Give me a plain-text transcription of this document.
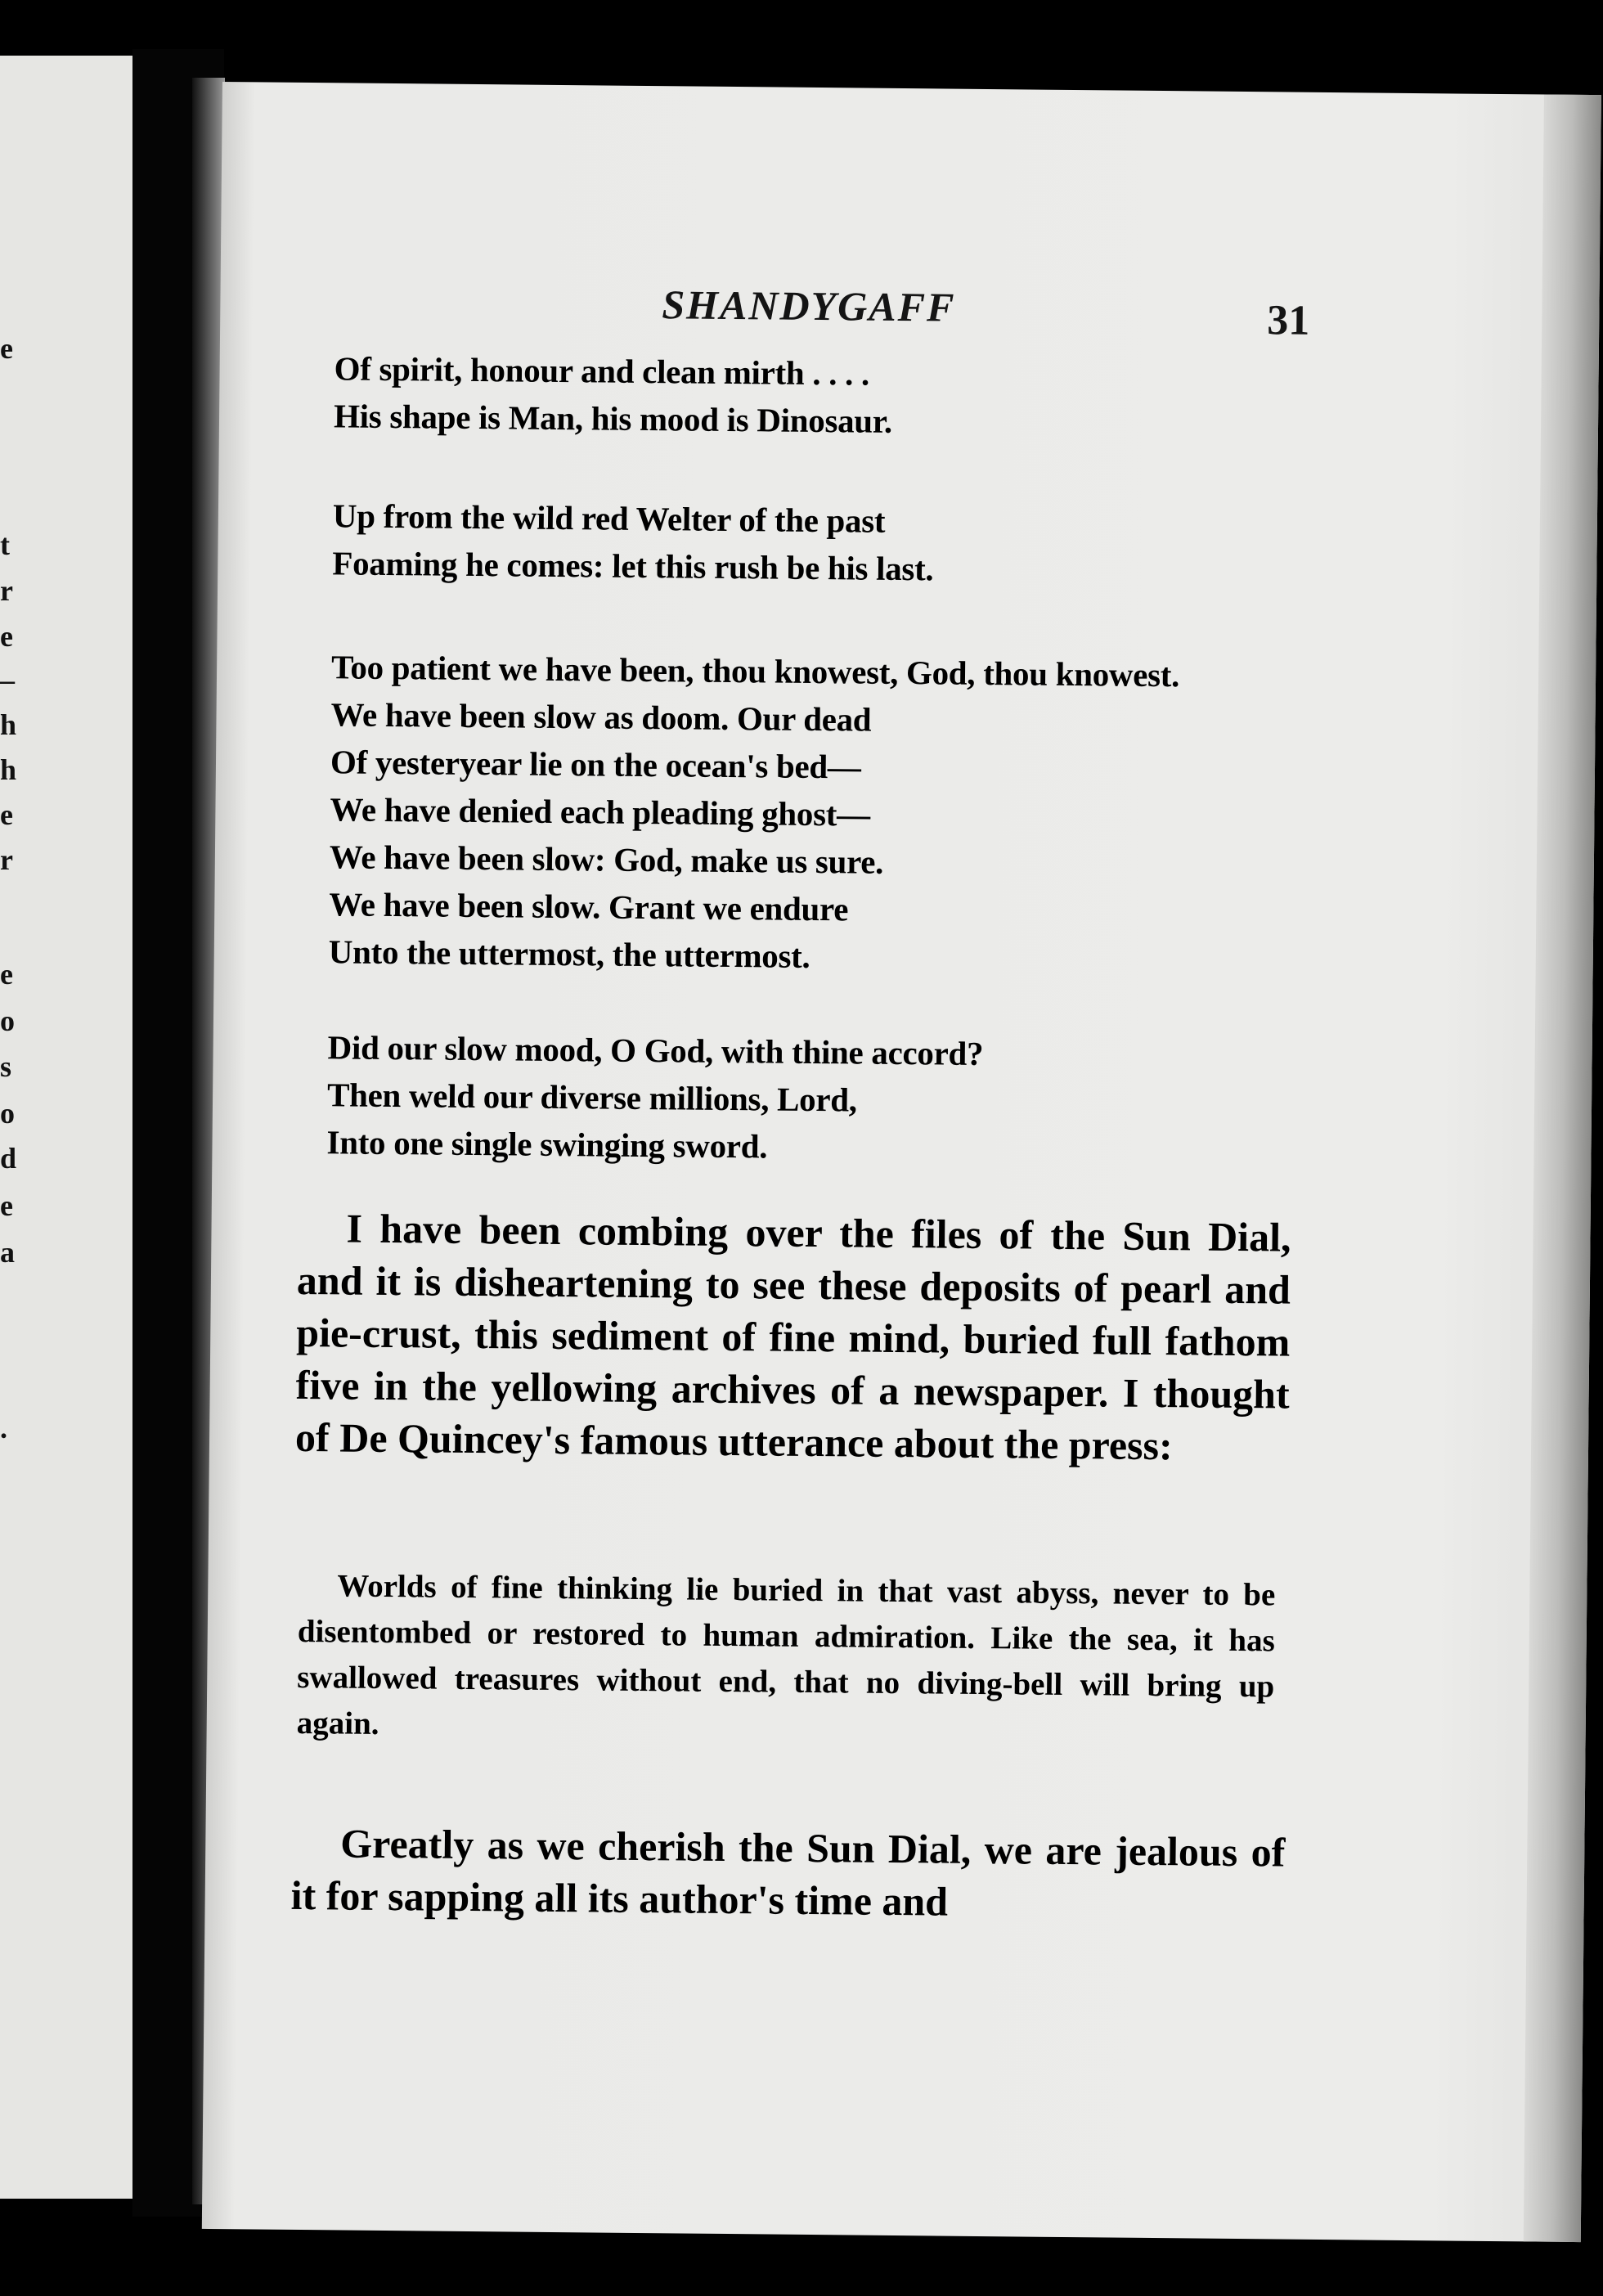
e
t
r
e
–
h
h
e
r
e
o
s
o
d
e
a
.
SHANDYGAFF	31
Of spirit, honour and clean mirth . . . .
His shape is Man, his mood is Dinosaur.
Up from the wild red Welter of the past
Foaming he comes: let this rush be his last.
Too patient we have been, thou knowest, God, thou knowest.
We have been slow as doom. Our dead
Of yesteryear lie on the ocean's bed—
We have denied each pleading ghost—
We have been slow: God, make us sure.
We have been slow. Grant we endure
Unto the uttermost, the uttermost.
Did our slow mood, O God, with thine accord?
Then weld our diverse millions, Lord,
Into one single swinging sword.
I have been combing over the files of the Sun Dial, and it is disheartening to see these deposits of pearl and pie-crust, this sediment of fine mind, buried full fathom five in the yellowing archives of a newspaper. I thought of De Quincey's famous utterance about the press:
Worlds of fine thinking lie buried in that vast abyss, never to be disentombed or restored to human admiration. Like the sea, it has swallowed treasures without end, that no diving-bell will bring up again.
Greatly as we cherish the Sun Dial, we are jealous of it for sapping all its author's time and
